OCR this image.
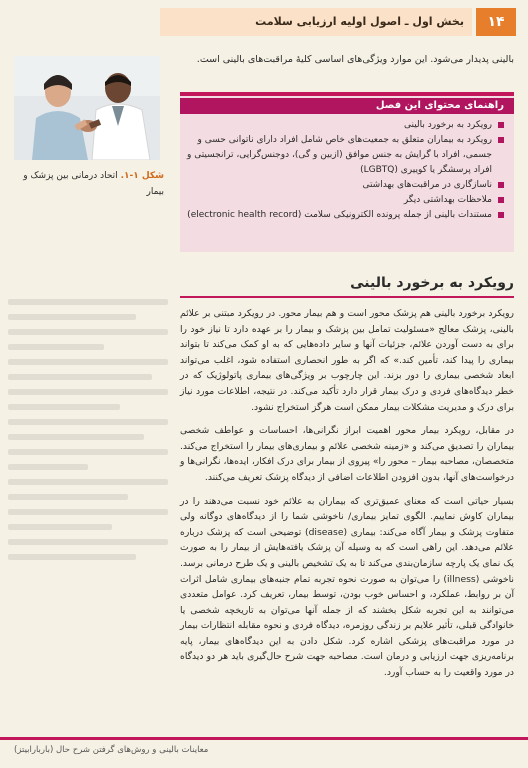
۱۴
بخش اول ـ اصول اولیه ارزیابی سلامت
شکل ۱-۱. اتحاد درمانی بین پزشک و بیمار
بالینی پدیدار می‌شود. این موارد ویژگی‌های اساسی کلیهٔ مراقبت‌های بالینی است.
راهنمای محتوای این فصل
رویکرد به برخورد بالینی
رویکرد به بیماران متعلق به جمعیت‌های خاص شامل افراد دارای ناتوانی حسی و جسمی، افراد با گرایش به جنس موافق (ازبین و گی)، دوجنس‌گرایی، ترانجسیتی و افراد پرسشگر یا کوییری (LGBTQ)
ناسازگاری در مراقبت‌های بهداشتی
ملاحظات بهداشتی دیگر
مستندات بالینی از جمله پرونده الکترونیکی سلامت (electronic health record)
رویکرد به برخورد بالینی

رویکرد برخورد بالینی هم پزشک محور است و هم بیمار محور. در رویکرد مبتنی بر علائم بالینی، پزشک معالج «مسئولیت تمامل بین پزشک و بیمار را بر عهده دارد تا نیاز خود را برای به دست آوردن علائم، جزئیات آنها و سایر داده‌هایی که به او کمک می‌کند تا بتواند بیماری را پیدا کند، تأمین کند.» که اگر به طور انحصاری استفاده شود، اغلب می‌تواند ابعاد شخصی بیماری را دور بزند. این چارچوب بر ویژگی‌های بیماری پاتولوژیک که در خطر دیدگاه‌های فردی و درک بیمار قرار دارد تأکید می‌کند. در نتیجه، اطلاعات مورد نیاز برای درک و مدیریت مشکلات بیمار ممکن است هرگز استخراج نشود.

در مقابل، رویکرد بیمار محور اهمیت ابراز نگرانی‌ها، احساسات و عواطف شخصی بیماران را تصدیق می‌کند و «زمینه شخصی علائم و بیماری‌های بیمار را استخراج می‌کند. متخصصان، مصاحبه بیمار – محور را» پیروی از بیمار برای درک افکار، ایده‌ها، نگرانی‌ها و درخواست‌های آنها، بدون افزودن اطلاعات اضافی از دیدگاه پزشک تعریف می‌کنند.

بسیار حیاتی است که معنای عمیق‌تری که بیماران به علائم خود نسبت می‌دهند را در بیماران کاوش نماییم. الگوی تمایز بیماری/ ناخوشی شما را از دیدگاه‌های دوگانه ولی متفاوت پزشک و بیمار آگاه می‌کند: بیماری (disease) توضیحی است که پزشک درباره علائم می‌دهد. این راهی است که به وسیله آن پزشک یافته‌هایش از بیمار را به صورت یک نمای یک پارچه سازمان‌بندی می‌کند تا به یک تشخیص بالینی و یک طرح درمانی برسد. ناخوشی (illness) را می‌توان به صورت نحوه تجربه تمام جنبه‌های بیماری شامل اثرات آن بر روابط، عملکرد، و احساس خوب بودن، توسط بیمار، تعریف کرد. عوامل متعددی می‌توانند به این تجربه شکل بخشند که از جمله آنها می‌توان به تاریخچه شخصی یا خانوادگی قبلی، تأثیر علایم بر زندگی روزمره، دیدگاه فردی و نحوه مقابله انتظارات بیمار در مورد مراقبت‌های پزشکی اشاره کرد. شکل دادن به این دیدگاه‌های بیمار، پایه برنامه‌ریزی جهت ارزیابی و درمان است. مصاحبه جهت شرح حال‌گیری باید هر دو دیدگاه در مورد واقعیت را به حساب آورد.

معاینات بالینی و روش‌های گرفتن شرح حال (باربارابیتز)
